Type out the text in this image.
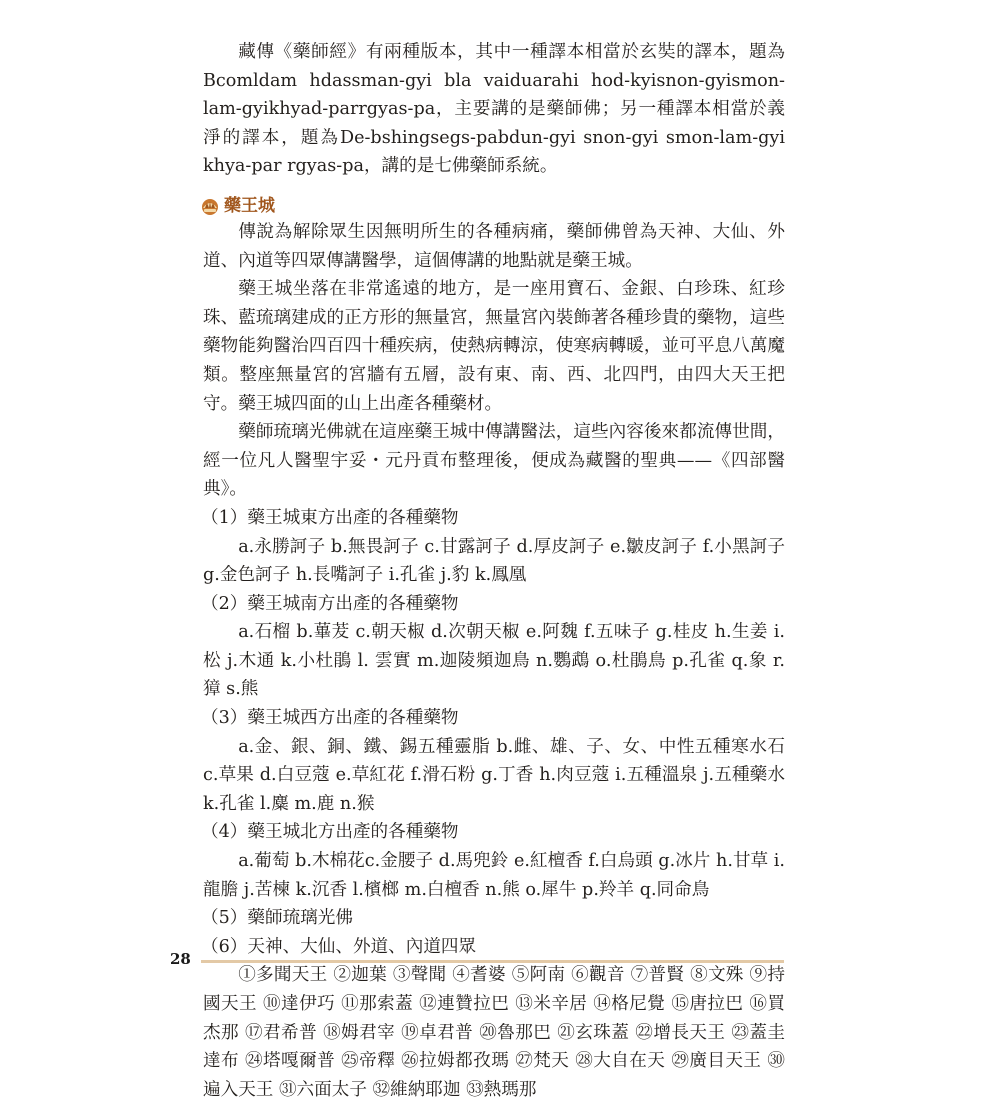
藏傳《藥師經》有兩種版本，其中一種譯本相當於玄奘的譯本，題為Bcomldam hdassman-gyi bla vaiduarahi hod-kyisnon-gyismon-lam-gyikhyad-parrgyas-pa，主要講的是藥師佛；另一種譯本相當於義淨的譯本，題為De-bshingsegs-pabdun-gyi snon-gyi smon-lam-gyi khya-par rgyas-pa，講的是七佛藥師系統。

藥王城

傳說為解除眾生因無明所生的各種病痛，藥師佛曾為天神、大仙、外道、內道等四眾傳講醫學，這個傳講的地點就是藥王城。

藥王城坐落在非常遙遠的地方，是一座用寶石、金銀、白珍珠、紅珍珠、藍琉璃建成的正方形的無量宮，無量宮內裝飾著各種珍貴的藥物，這些藥物能夠醫治四百四十種疾病，使熱病轉涼，使寒病轉暖，並可平息八萬魔類。整座無量宮的宮牆有五層，設有東、南、西、北四門，由四大天王把守。藥王城四面的山上出產各種藥材。

藥師琉璃光佛就在這座藥王城中傳講醫法，這些內容後來都流傳世間，經一位凡人醫聖宇妥・元丹貢布整理後，便成為藏醫的聖典——《四部醫典》。

（1）藥王城東方出產的各種藥物

a.永勝訶子 b.無畏訶子 c.甘露訶子 d.厚皮訶子 e.皺皮訶子 f.小黑訶子 g.金色訶子 h.長嘴訶子 i.孔雀 j.豹 k.鳳凰

（2）藥王城南方出產的各種藥物

a.石榴 b.蓽茇 c.朝天椒 d.次朝天椒 e.阿魏 f.五味子 g.桂皮 h.生姜 i.松 j.木通 k.小杜鵑 l. 雲實 m.迦陵頻迦鳥 n.鸚鵡 o.杜鵑鳥 p.孔雀 q.象 r.獐 s.熊

（3）藥王城西方出產的各種藥物

a.金、銀、銅、鐵、錫五種靈脂 b.雌、雄、子、女、中性五種寒水石 c.草果 d.白豆蔻 e.草紅花 f.滑石粉 g.丁香 h.肉豆蔻 i.五種溫泉 j.五種藥水 k.孔雀 l.麋 m.鹿 n.猴

（4）藥王城北方出產的各種藥物

a.葡萄 b.木棉花c.金腰子 d.馬兜鈴 e.紅檀香 f.白烏頭 g.冰片 h.甘草 i.龍膽 j.苦楝 k.沉香 l.檳榔 m.白檀香 n.熊 o.犀牛 p.羚羊 q.同命鳥

（5）藥師琉璃光佛

（6）天神、大仙、外道、內道四眾

①多聞天王 ②迦葉 ③聲聞 ④耆婆 ⑤阿南 ⑥觀音 ⑦普賢 ⑧文殊 ⑨持國天王 ⑩達伊巧 ⑪那索蓋 ⑫連贊拉巴 ⑬米辛居 ⑭格尼覺 ⑮唐拉巴 ⑯買杰那 ⑰君希普 ⑱姆君宰 ⑲卓君普 ⑳魯那巴 ㉑玄珠蓋 ㉒增長天王 ㉓蓋圭達布 ㉔塔嘎爾普 ㉕帝釋 ㉖拉姆都孜瑪 ㉗梵天 ㉘大自在天 ㉙廣目天王 ㉚遍入天王 ㉛六面太子 ㉜維納耶迦 ㉝熱瑪那

28
